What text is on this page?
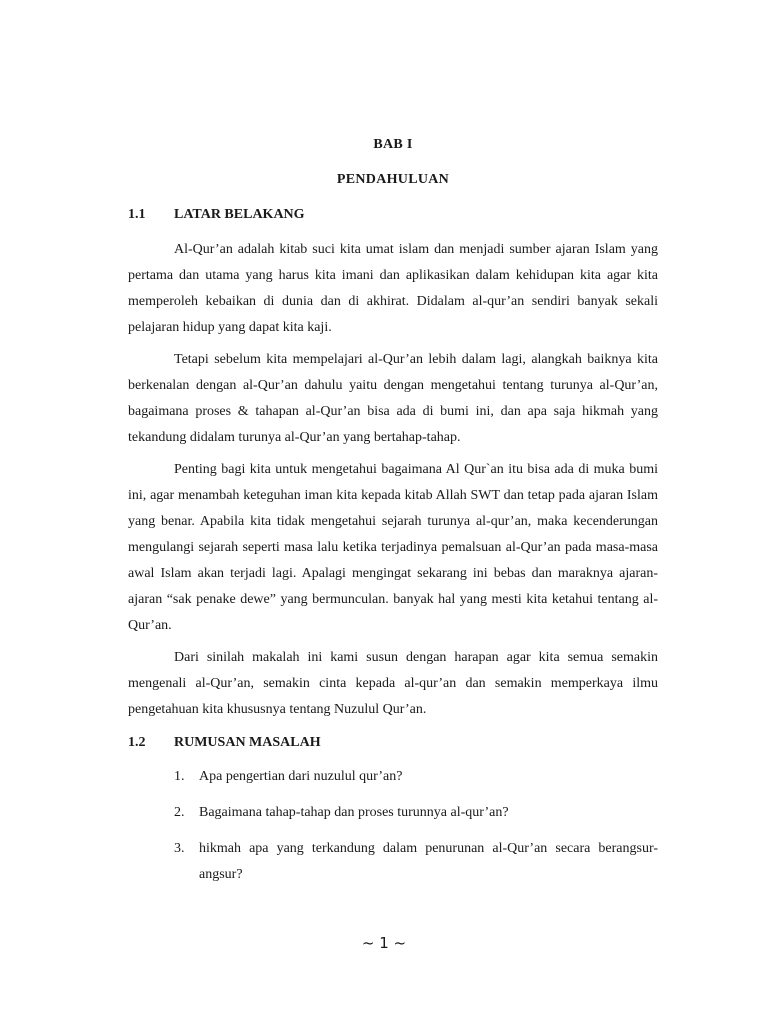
BAB I
PENDAHULUAN
1.1 LATAR BELAKANG

Al-Qur’an adalah kitab suci kita umat islam dan menjadi sumber ajaran Islam yang pertama dan utama yang harus kita imani dan aplikasikan dalam kehidupan kita agar kita memperoleh kebaikan di dunia dan di akhirat. Didalam al-qur’an sendiri banyak sekali pelajaran hidup yang dapat kita kaji.

Tetapi sebelum kita mempelajari al-Qur’an lebih dalam lagi, alangkah baiknya kita berkenalan dengan al-Qur’an dahulu yaitu dengan mengetahui tentang turunya al-Qur’an, bagaimana proses & tahapan al-Qur’an bisa ada di bumi ini, dan apa saja hikmah yang tekandung didalam turunya al-Qur’an yang bertahap-tahap.

Penting bagi kita untuk mengetahui bagaimana Al Qur`an itu bisa ada di muka bumi ini, agar menambah keteguhan iman kita kepada kitab Allah SWT dan tetap pada ajaran Islam yang benar. Apabila kita tidak mengetahui sejarah turunya al-qur’an, maka kecenderungan mengulangi sejarah seperti masa lalu ketika terjadinya pemalsuan al-Qur’an pada masa-masa awal Islam akan terjadi lagi. Apalagi mengingat sekarang ini bebas dan maraknya ajaran-ajaran “sak penake dewe” yang bermunculan. banyak hal yang mesti kita ketahui tentang al-Qur’an.

Dari sinilah makalah ini kami susun dengan harapan agar kita semua semakin mengenali al-Qur’an, semakin cinta kepada al-qur’an dan semakin memperkaya ilmu pengetahuan kita khususnya tentang Nuzulul Qur’an.

1.2 RUMUSAN MASALAH
1. Apa pengertian dari nuzulul qur’an?
2. Bagaimana tahap-tahap dan proses turunnya al-qur’an?
3. hikmah apa yang terkandung dalam penurunan al-Qur’an secara berangsur-angsur?
~ 1 ~
